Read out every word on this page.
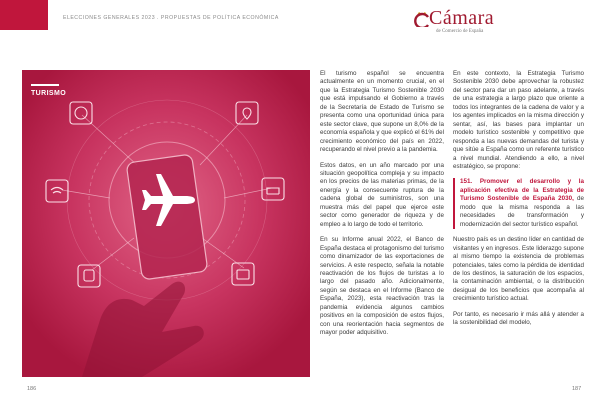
ELECCIONES GENERALES 2023 . PROPUESTAS DE POLÍTICA ECONÓMICA	Cámara
de Comercio de España
TURISMO

El turismo español se encuentra actualmente en un momento crucial, en el que la Estrategia Turismo Sostenible 2030 que está impulsando el Gobierno a través de la Secretaría de Estado de Turismo se presenta como una oportunidad única para este sector clave, que supone un 8,0% de la economía española y que explicó el 61% del crecimiento económico del país en 2022, recuperando el nivel previo a la pandemia.

Estos datos, en un año marcado por una situación geopolítica compleja y su impacto en los precios de las materias primas, de la energía y la consecuente ruptura de la cadena global de suministros, son una muestra más del papel que ejerce este sector como generador de riqueza y de empleo a lo largo de todo el territorio.

En su Informe anual 2022, el Banco de España destaca el protagonismo del turismo como dinamizador de las exportaciones de servicios. A este respecto, señala la notable reactivación de los flujos de turistas a lo largo del pasado año. Adicionalmente, según se destaca en el Informe (Banco de España, 2023), esta reactivación tras la pandemia evidencia algunos cambios positivos en la composición de estos flujos, con una reorientación hacia segmentos de mayor poder adquisitivo.

En este contexto, la Estrategia Turismo Sostenible 2030 debe aprovechar la robustez del sector para dar un paso adelante, a través de una estrategia a largo plazo que oriente a todos los integrantes de la cadena de valor y a los agentes implicados en la misma dirección y sentar, así, las bases para implantar un modelo turístico sostenible y competitivo que responda a las nuevas demandas del turista y que sitúe a España como un referente turístico a nivel mundial. Atendiendo a ello, a nivel estratégico, se propone:

151. Promover el desarrollo y la aplicación efectiva de la Estrategia de Turismo Sostenible de España 2030, de modo que la misma responda a las necesidades de transformación y modernización del sector turístico español.

Nuestro país es un destino líder en cantidad de visitantes y en ingresos. Este liderazgo supone al mismo tiempo la existencia de problemas potenciales, tales como la pérdida de identidad de los destinos, la saturación de los espacios, la contaminación ambiental, o la distribución desigual de los beneficios que acompaña al crecimiento turístico actual.

Por tanto, es necesario ir más allá y atender a la sostenibilidad del modelo,

186	187
